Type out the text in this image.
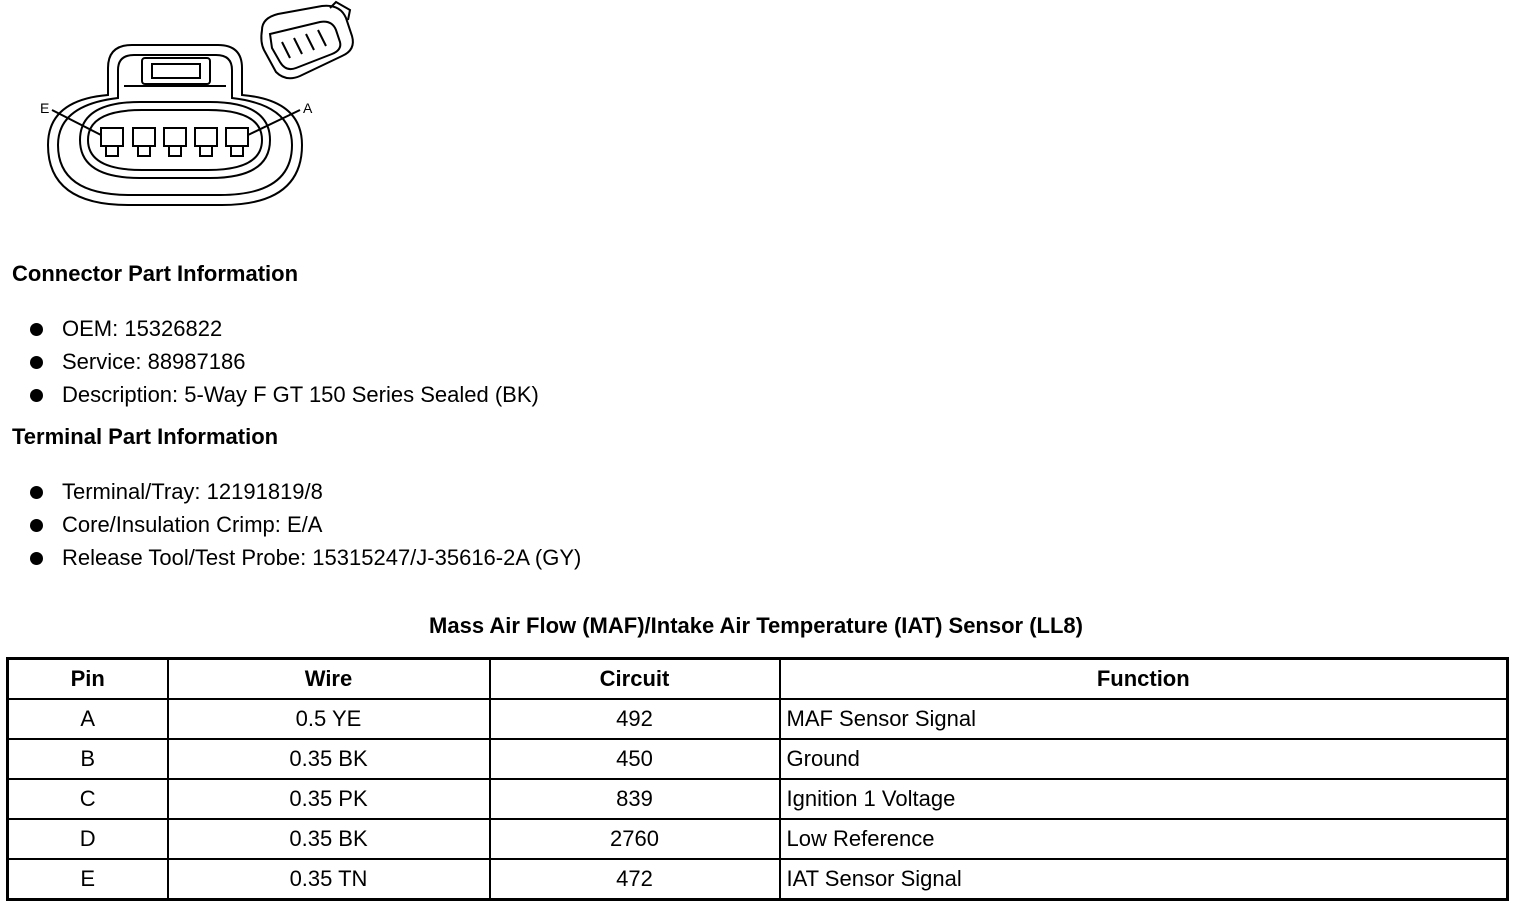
E	A
Connector Part Information
OEM: 15326822
Service: 88987186
Description: 5-Way F GT 150 Series Sealed (BK)
Terminal Part Information
Terminal/Tray: 12191819/8
Core/Insulation Crimp: E/A
Release Tool/Test Probe: 15315247/J-35616-2A (GY)
Mass Air Flow (MAF)/Intake Air Temperature (IAT) Sensor (LL8)
Pin	Wire	Circuit	Function
A	0.5 YE	492	MAF Sensor Signal
B	0.35 BK	450	Ground
C	0.35 PK	839	Ignition 1 Voltage
D	0.35 BK	2760	Low Reference
E	0.35 TN	472	IAT Sensor Signal
